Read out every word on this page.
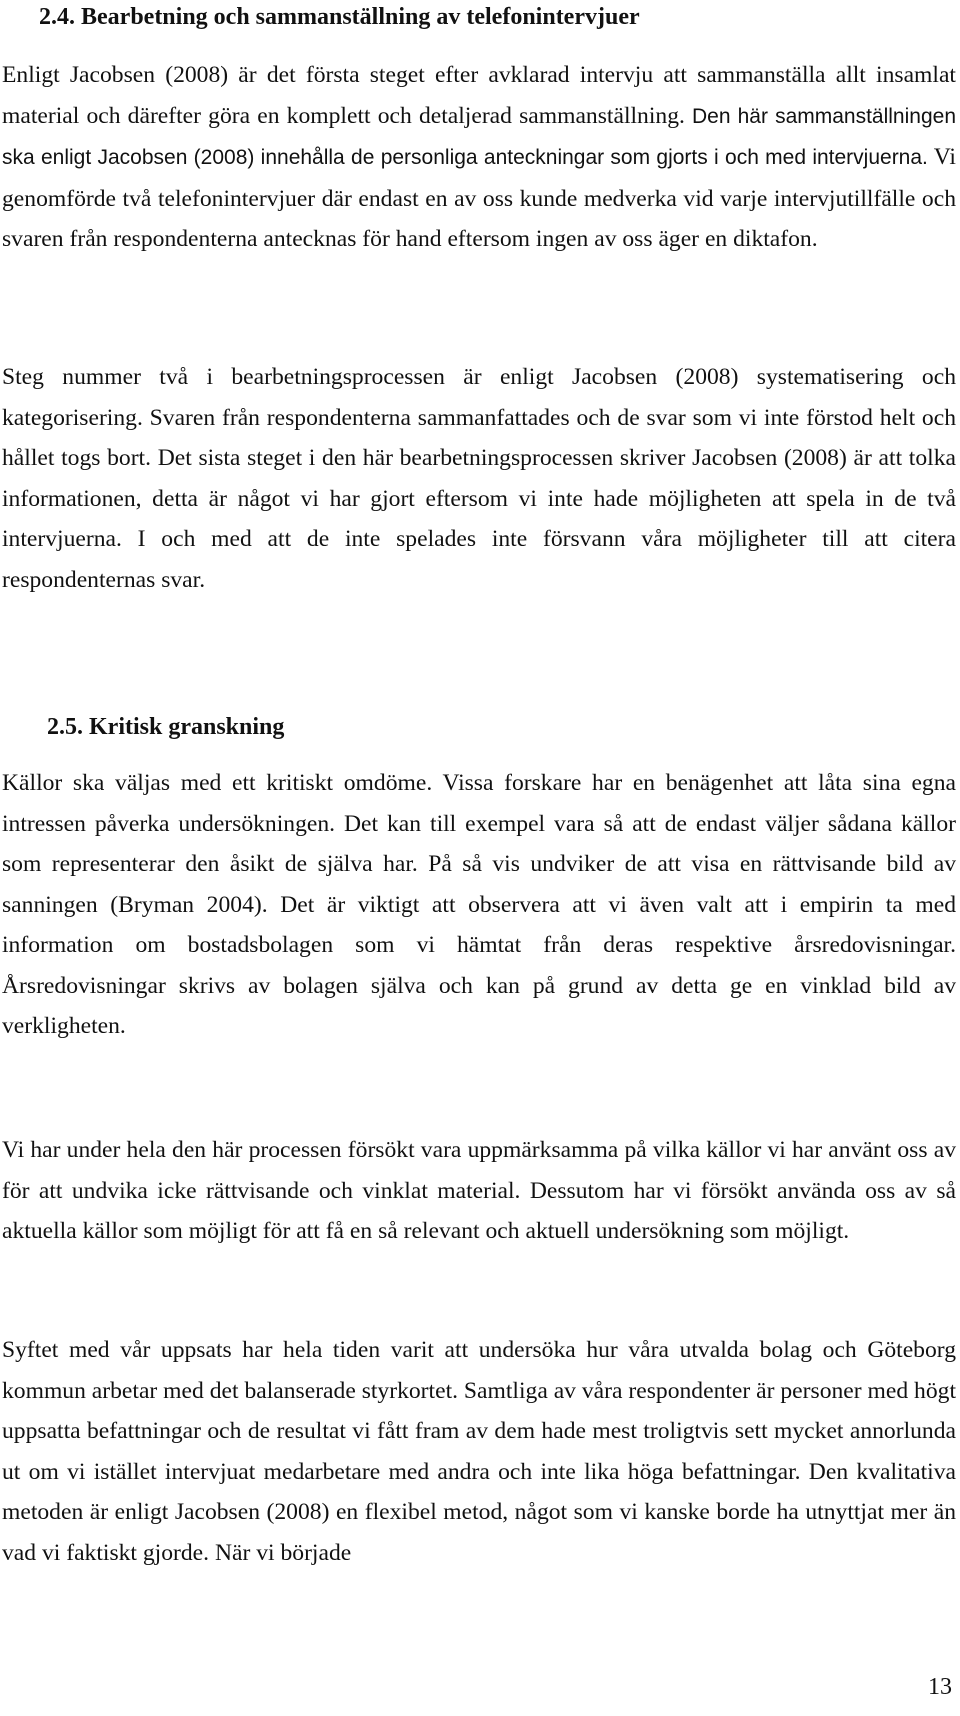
2.4. Bearbetning och sammanställning av telefonintervjuer

Enligt Jacobsen (2008) är det första steget efter avklarad intervju att sammanställa allt insamlat material och därefter göra en komplett och detaljerad sammanställning. Den här sammanställningen ska enligt Jacobsen (2008) innehålla de personliga anteckningar som gjorts i och med intervjuerna. Vi genomförde två telefonintervjuer där endast en av oss kunde medverka vid varje intervjutillfälle och svaren från respondenterna antecknas för hand eftersom ingen av oss äger en diktafon.

Steg nummer två i bearbetningsprocessen är enligt Jacobsen (2008) systematisering och kategorisering. Svaren från respondenterna sammanfattades och de svar som vi inte förstod helt och hållet togs bort. Det sista steget i den här bearbetningsprocessen skriver Jacobsen (2008) är att tolka informationen, detta är något vi har gjort eftersom vi inte hade möjligheten att spela in de två intervjuerna. I och med att de inte spelades inte försvann våra möjligheter till att citera respondenternas svar.

2.5. Kritisk granskning

Källor ska väljas med ett kritiskt omdöme. Vissa forskare har en benägenhet att låta sina egna intressen påverka undersökningen. Det kan till exempel vara så att de endast väljer sådana källor som representerar den åsikt de själva har. På så vis undviker de att visa en rättvisande bild av sanningen (Bryman 2004). Det är viktigt att observera att vi även valt att i empirin ta med information om bostadsbolagen som vi hämtat från deras respektive årsredovisningar. Årsredovisningar skrivs av bolagen själva och kan på grund av detta ge en vinklad bild av verkligheten.

Vi har under hela den här processen försökt vara uppmärksamma på vilka källor vi har använt oss av för att undvika icke rättvisande och vinklat material. Dessutom har vi försökt använda oss av så aktuella källor som möjligt för att få en så relevant och aktuell undersökning som möjligt.

Syftet med vår uppsats har hela tiden varit att undersöka hur våra utvalda bolag och Göteborg kommun arbetar med det balanserade styrkortet. Samtliga av våra respondenter är personer med högt uppsatta befattningar och de resultat vi fått fram av dem hade mest troligtvis sett mycket annorlunda ut om vi istället intervjuat medarbetare med andra och inte lika höga befattningar. Den kvalitativa metoden är enligt Jacobsen (2008) en flexibel metod, något som vi kanske borde ha utnyttjat mer än vad vi faktiskt gjorde. När vi började

13
